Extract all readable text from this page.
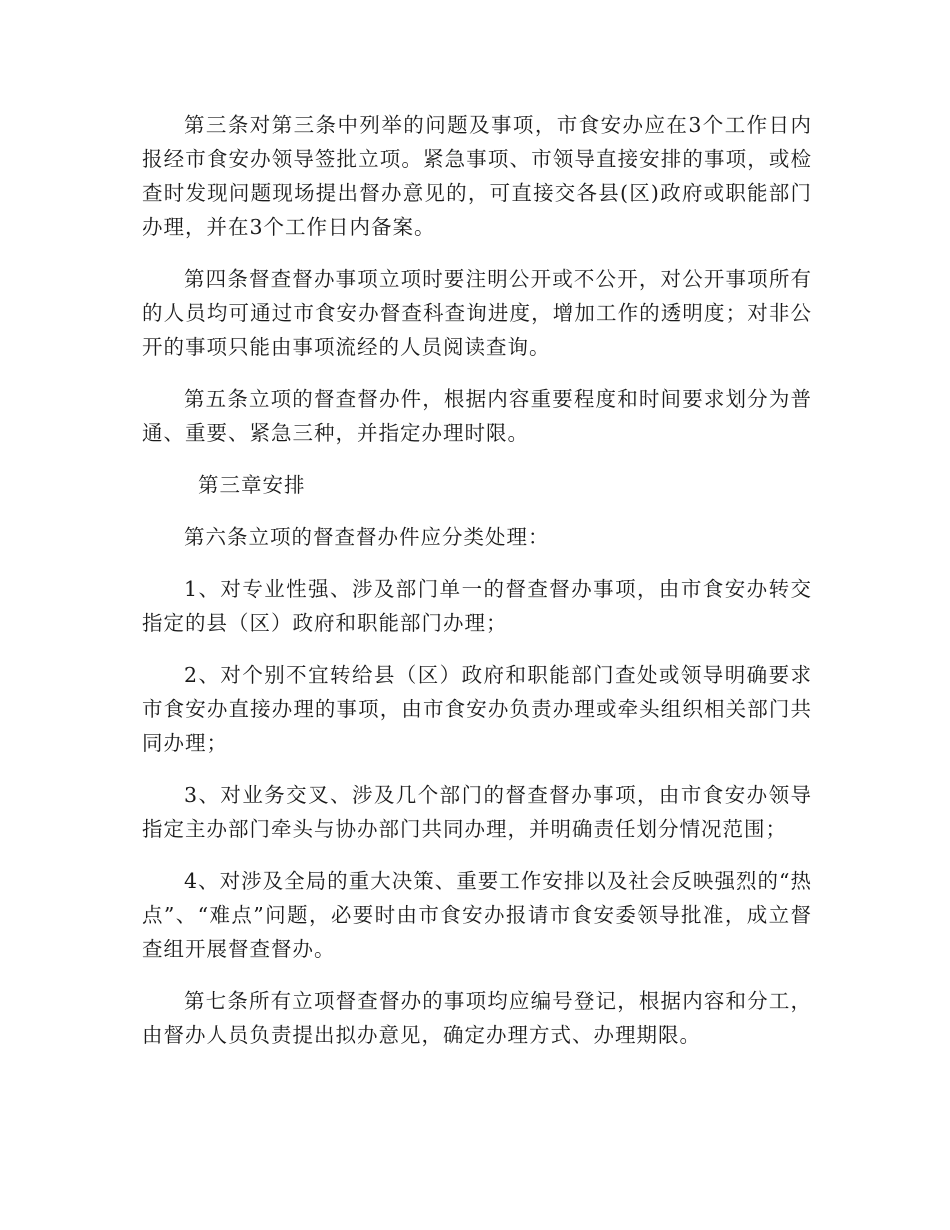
第三条对第三条中列举的问题及事项，市食安办应在3个工作日内报经市食安办领导签批立项。紧急事项、市领导直接安排的事项，或检查时发现问题现场提出督办意见的，可直接交各县(区)政府或职能部门办理，并在3个工作日内备案。

第四条督查督办事项立项时要注明公开或不公开，对公开事项所有的人员均可通过市食安办督查科查询进度，增加工作的透明度；对非公开的事项只能由事项流经的人员阅读查询。

第五条立项的督查督办件，根据内容重要程度和时间要求划分为普通、重要、紧急三种，并指定办理时限。

第三章安排

第六条立项的督查督办件应分类处理：

1、对专业性强、涉及部门单一的督查督办事项，由市食安办转交指定的县（区）政府和职能部门办理；

2、对个别不宜转给县（区）政府和职能部门查处或领导明确要求市食安办直接办理的事项，由市食安办负责办理或牵头组织相关部门共同办理；

3、对业务交叉、涉及几个部门的督查督办事项，由市食安办领导指定主办部门牵头与协办部门共同办理，并明确责任划分情况范围；

4、对涉及全局的重大决策、重要工作安排以及社会反映强烈的“热点”、“难点”问题，必要时由市食安办报请市食安委领导批准，成立督查组开展督查督办。

第七条所有立项督查督办的事项均应编号登记，根据内容和分工，由督办人员负责提出拟办意见，确定办理方式、办理期限。
